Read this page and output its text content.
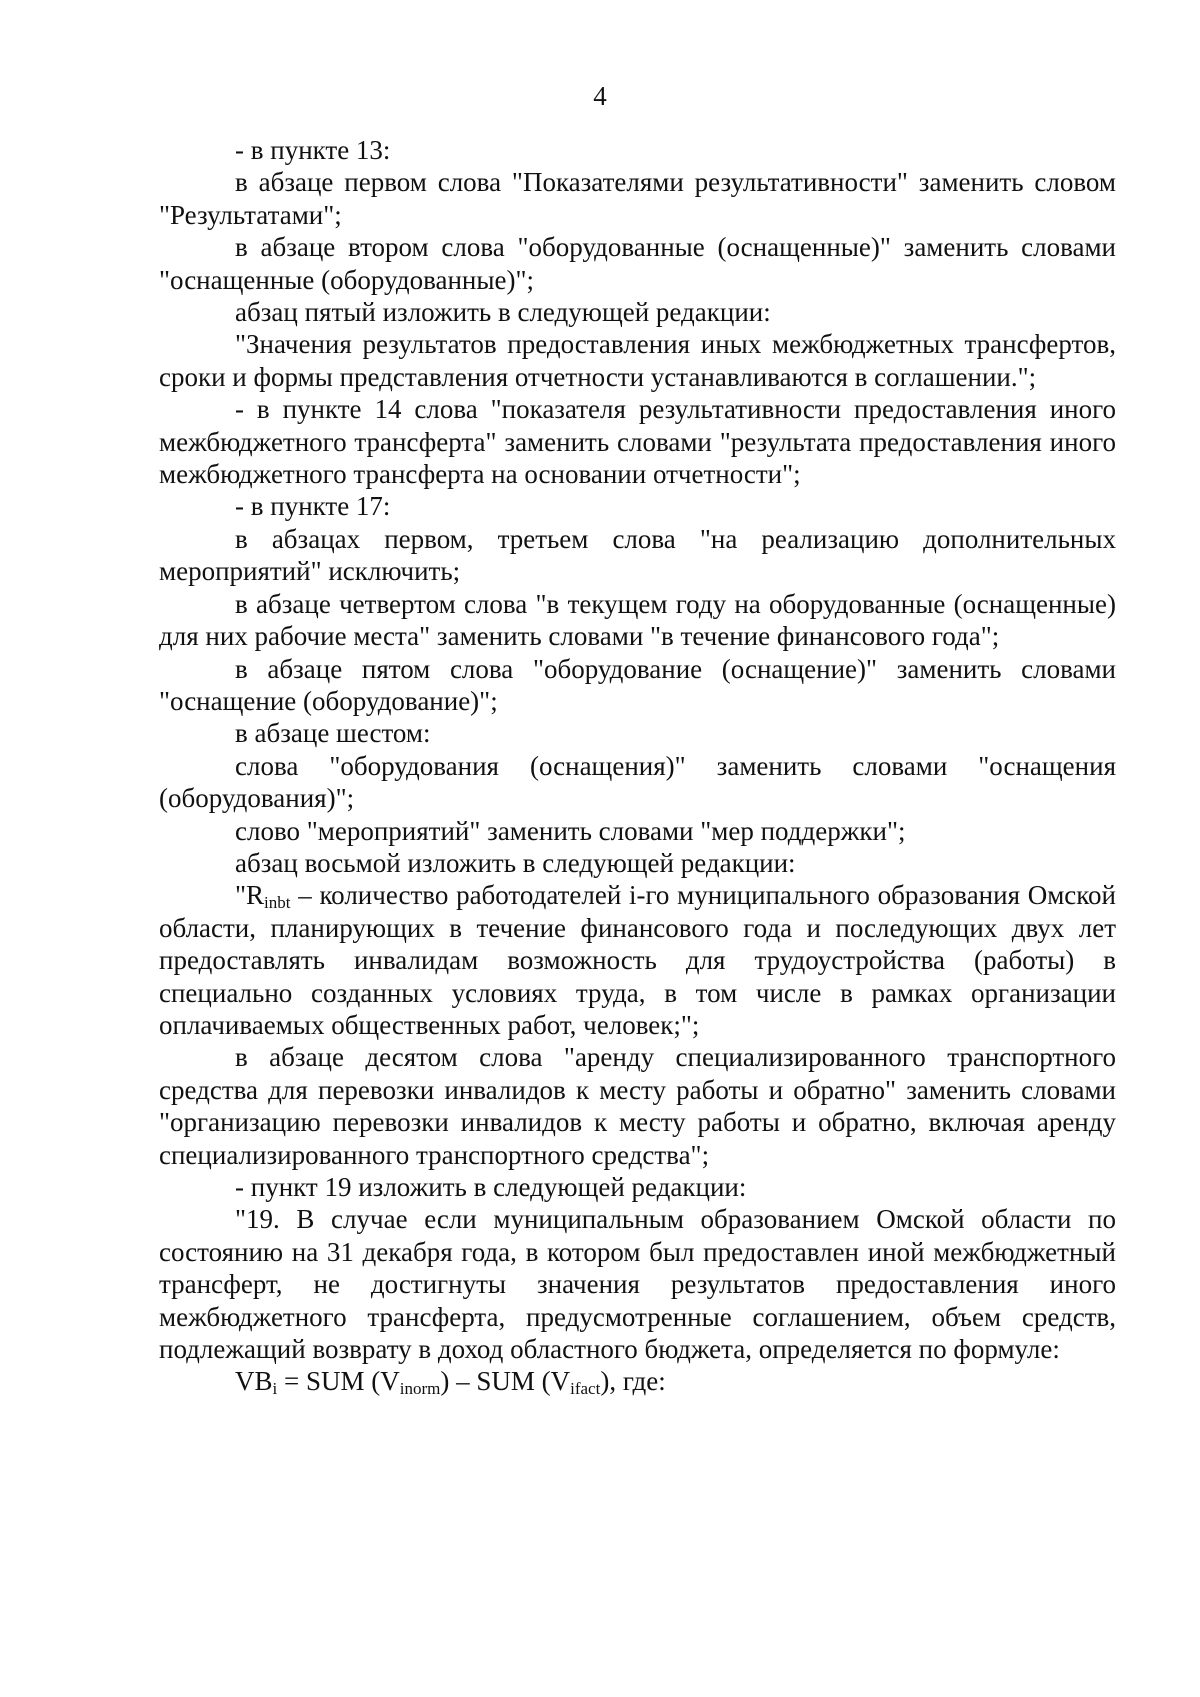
4

- в пункте 13:

в абзаце первом слова "Показателями результативности" заменить словом "Результатами";

в абзаце втором слова "оборудованные (оснащенные)" заменить словами "оснащенные (оборудованные)";

абзац пятый изложить в следующей редакции:

"Значения результатов предоставления иных межбюджетных трансфертов, сроки и формы представления отчетности устанавливаются в соглашении.";

- в пункте 14 слова "показателя результативности предоставления иного межбюджетного трансферта" заменить словами "результата предоставления иного межбюджетного трансферта на основании отчетности";

- в пункте 17:

в абзацах первом, третьем слова "на реализацию дополнительных мероприятий" исключить;

в абзаце четвертом слова "в текущем году на оборудованные (оснащенные) для них рабочие места" заменить словами "в течение финансового года";

в абзаце пятом слова "оборудование (оснащение)" заменить словами "оснащение (оборудование)";

в абзаце шестом:

слова "оборудования (оснащения)" заменить словами "оснащения (оборудования)";

слово "мероприятий" заменить словами "мер поддержки";

абзац восьмой изложить в следующей редакции:

"$R_{inbt}$ – количество работодателей i-го муниципального образования Омской области, планирующих в течение финансового года и последующих двух лет предоставлять инвалидам возможность для трудоустройства (работы) в специально созданных условиях труда, в том числе в рамках организации оплачиваемых общественных работ, человек;";

в абзаце десятом слова "аренду специализированного транспортного средства для перевозки инвалидов к месту работы и обратно" заменить словами "организацию перевозки инвалидов к месту работы и обратно, включая аренду специализированного транспортного средства";

- пункт 19 изложить в следующей редакции:

"19. В случае если муниципальным образованием Омской области по состоянию на 31 декабря года, в котором был предоставлен иной межбюджетный трансферт, не достигнуты значения результатов предоставления иного межбюджетного трансферта, предусмотренные соглашением, объем средств, подлежащий возврату в доход областного бюджета, определяется по формуле:

$VB_i$ = SUM $(V_{inorm})$ – SUM $(V_{ifact})$, где:
